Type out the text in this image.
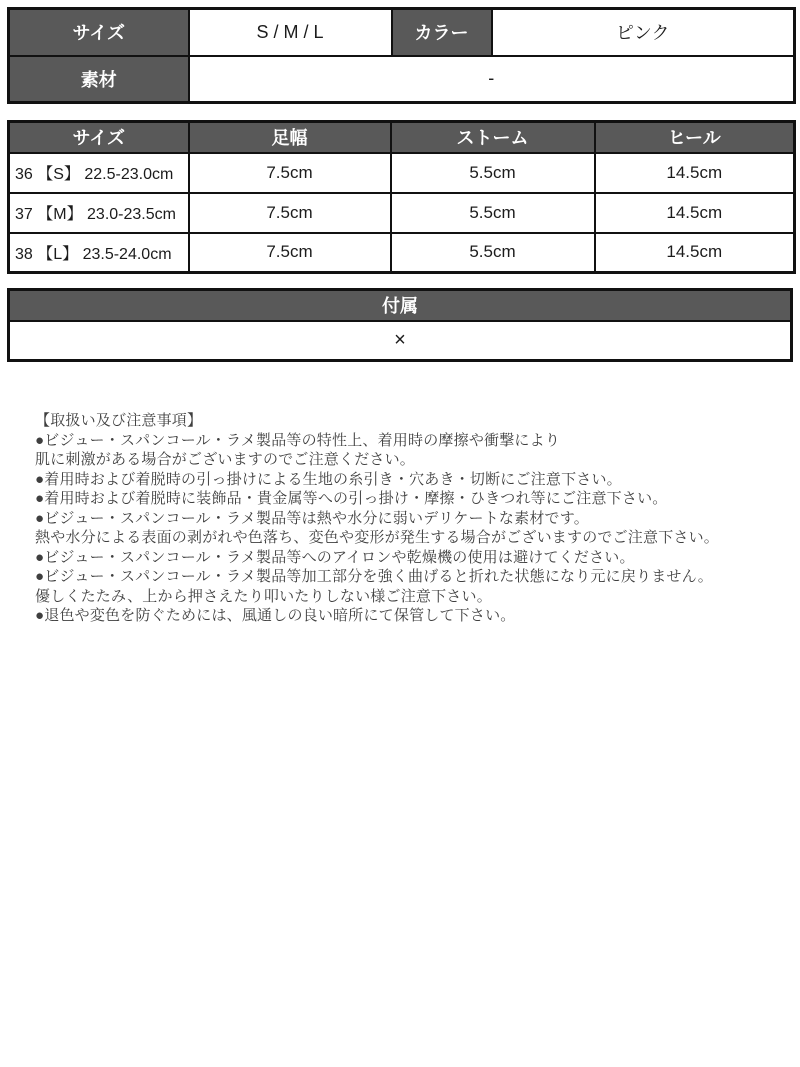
サイズ	S / M / L	カラー	ピンク
素材	-		
サイズ	足幅	ストーム	ヒール
36 【S】 22.5-23.0cm	7.5cm	5.5cm	14.5cm
37 【M】 23.0-23.5cm	7.5cm	5.5cm	14.5cm
38 【L】 23.5-24.0cm	7.5cm	5.5cm	14.5cm
付属
×
【取扱い及び注意事項】
●ビジュー・スパンコール・ラメ製品等の特性上、着用時の摩擦や衝撃により
肌に刺激がある場合がございますのでご注意ください。
●着用時および着脱時の引っ掛けによる生地の糸引き・穴あき・切断にご注意下さい。
●着用時および着脱時に装飾品・貴金属等への引っ掛け・摩擦・ひきつれ等にご注意下さい。
●ビジュー・スパンコール・ラメ製品等は熱や水分に弱いデリケートな素材です。
熱や水分による表面の剥がれや色落ち、変色や変形が発生する場合がございますのでご注意下さい。
●ビジュー・スパンコール・ラメ製品等へのアイロンや乾燥機の使用は避けてください。
●ビジュー・スパンコール・ラメ製品等加工部分を強く曲げると折れた状態になり元に戻りません。
優しくたたみ、上から押さえたり叩いたりしない様ご注意下さい。
●退色や変色を防ぐためには、風通しの良い暗所にて保管して下さい。
